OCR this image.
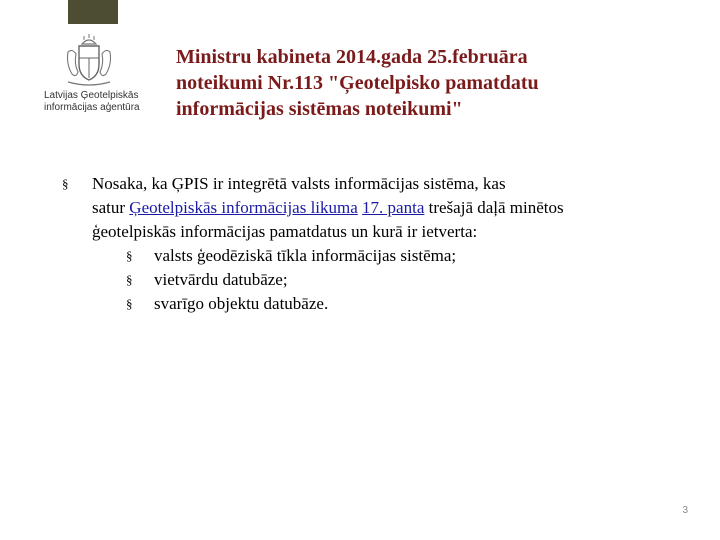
Latvijas Ģeotelpiskās
informācijas aģentūra
Ministru kabineta 2014.gada 25.februāra
noteikumi Nr.113 "Ģeotelpisko pamatdatu
informācijas sistēmas noteikumi"
§	Nosaka, ka ĢPIS ir integrētā valsts informācijas sistēma, kas
satur Ģeotelpiskās informācijas likuma 17. panta trešajā daļā minētos
ģeotelpiskās informācijas pamatdatus un kurā ir ietverta:
§	valsts ģeodēziskā tīkla informācijas sistēma;
§	vietvārdu datubāze;
§	svarīgo objektu datubāze.
3
